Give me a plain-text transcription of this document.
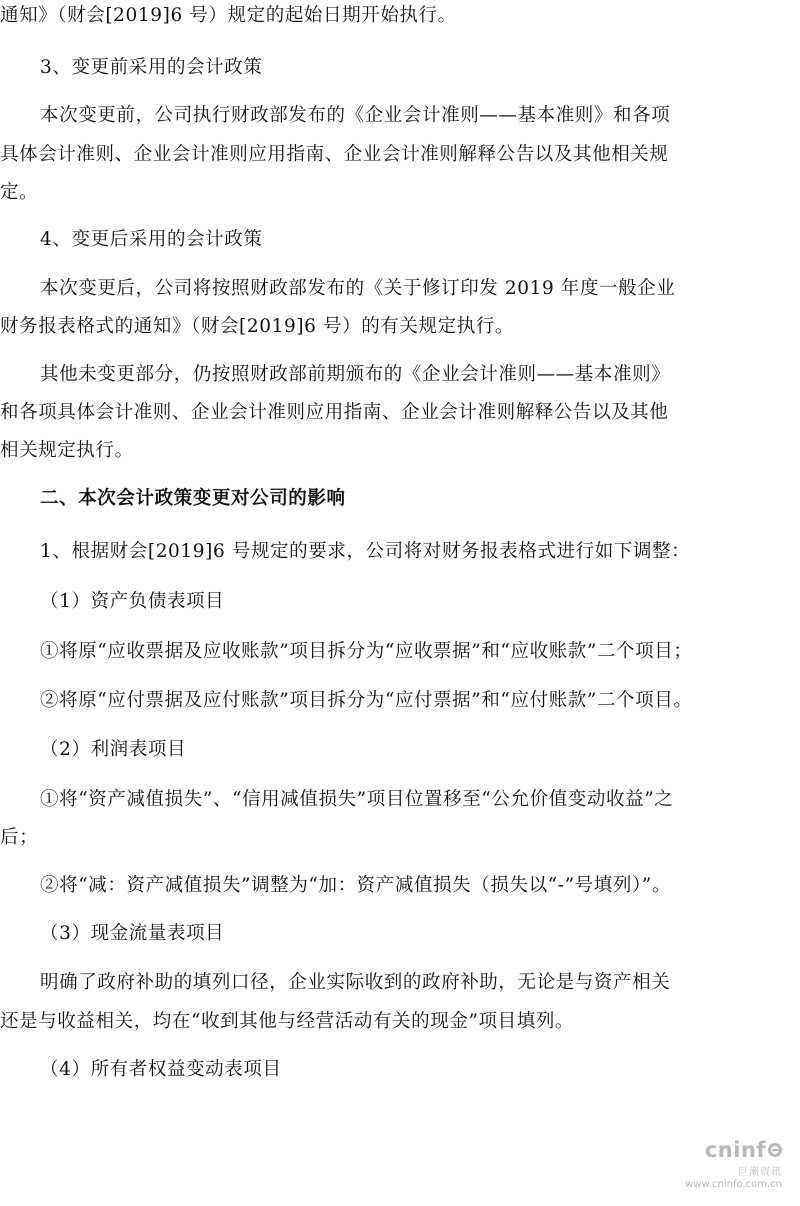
通知》（财会[2019]6 号）规定的起始日期开始执行。
3、变更前采用的会计政策
本次变更前，公司执行财政部发布的《企业会计准则——基本准则》和各项
具体会计准则、企业会计准则应用指南、企业会计准则解释公告以及其他相关规
定。
4、变更后采用的会计政策
本次变更后，公司将按照财政部发布的《关于修订印发 2019 年度一般企业
财务报表格式的通知》（财会[2019]6 号）的有关规定执行。
其他未变更部分，仍按照财政部前期颁布的《企业会计准则——基本准则》
和各项具体会计准则、企业会计准则应用指南、企业会计准则解释公告以及其他
相关规定执行。
二、本次会计政策变更对公司的影响
1、根据财会[2019]6 号规定的要求，公司将对财务报表格式进行如下调整：
（1）资产负债表项目
①将原“应收票据及应收账款”项目拆分为“应收票据”和“应收账款”二个项目；
②将原“应付票据及应付账款”项目拆分为“应付票据”和“应付账款”二个项目。
（2）利润表项目
①将“资产减值损失”、“信用减值损失”项目位置移至“公允价值变动收益”之
后；
②将“减：资产减值损失”调整为“加：资产减值损失（损失以“-”号填列）”。
（3）现金流量表项目
明确了政府补助的填列口径，企业实际收到的政府补助，无论是与资产相关
还是与收益相关，均在“收到其他与经营活动有关的现金”项目填列。
（4）所有者权益变动表项目
cninf
巨潮资讯
www.cninfo.com.cn
